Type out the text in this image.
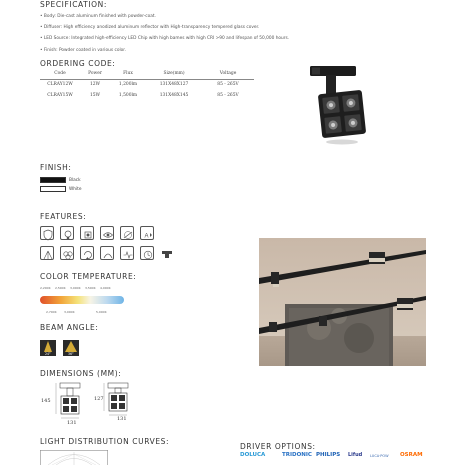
SPECIFICATION:
• Body: Die-cast aluminum finished with powder-coat.
• Diffuser: High efficiency anodized aluminum reflector with High-transparency tempered glass cover.
• LED Source: Integrated high-efficiency LED Chip with high bames with high CRI >90 and lifespan of 50,000 hours.
• Finish: Powder coated in various color.
ORDERING CODE:
Code	Power	Flux	Size(mm)	Voltage
CLRAY12W	12W	1,200lm	131X48X127	85 - 265V
CLRAY15W	15W	1,500lm	131X48X145	85 - 265V
FINISH:
Black
White
FEATURES:
A
COLOR TEMPERATURE:
2,200K 2,500K 3,000K 3,500K 4,000K
2,700K 3,000K	5,000K
BEAM ANGLE:
24°	36°
DIMENSIONS (MM):
145
131
127
131
LIGHT DISTRIBUTION CURVES:
DRIVER OPTIONS:
DOLUCA	TRIDONIC PHILIPS Lifud LUCA·POW OSRAM
